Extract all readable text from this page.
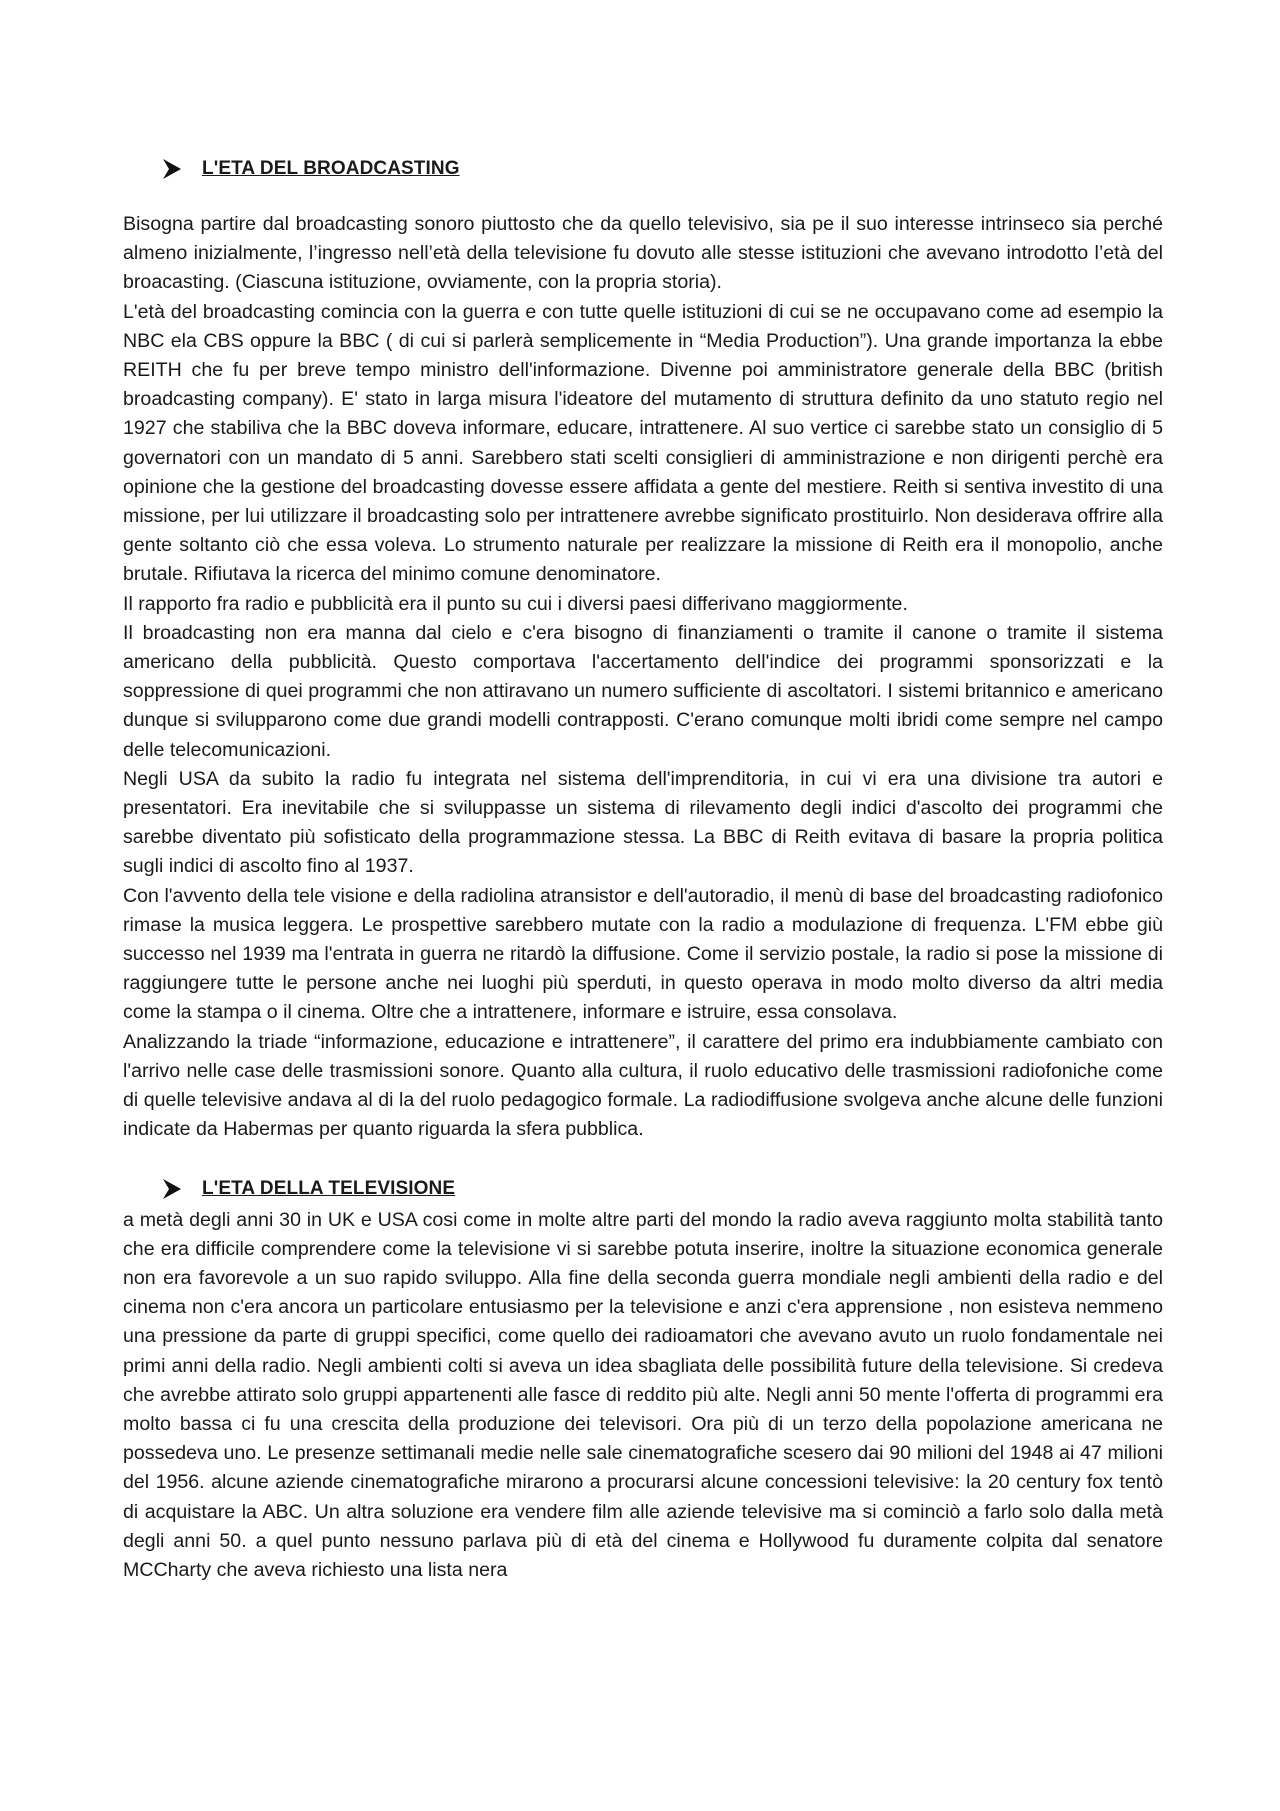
L'ETA DEL BROADCASTING

Bisogna partire dal broadcasting sonoro piuttosto che da quello televisivo, sia pe il suo interesse intrinseco sia perché almeno inizialmente, l’ingresso nell’età della televisione fu dovuto alle stesse istituzioni che avevano introdotto l’età del broacasting. (Ciascuna istituzione, ovviamente, con la propria storia).

L'età del broadcasting comincia con la guerra e con tutte quelle istituzioni di cui se ne occupavano come ad esempio la NBC ela CBS oppure la BBC ( di cui si parlerà semplicemente in “Media Production”). Una grande importanza la ebbe REITH che fu per breve tempo ministro dell'informazione. Divenne poi amministratore generale della BBC (british broadcasting company). E' stato in larga misura l'ideatore del mutamento di struttura definito da uno statuto regio nel 1927 che stabiliva che la BBC doveva informare, educare, intrattenere. Al suo vertice ci sarebbe stato un consiglio di 5 governatori con un mandato di 5 anni. Sarebbero stati scelti consiglieri di amministrazione e non dirigenti perchè era opinione che la gestione del broadcasting dovesse essere affidata a gente del mestiere. Reith si sentiva investito di una missione, per lui utilizzare il broadcasting solo per intrattenere avrebbe significato prostituirlo. Non desiderava offrire alla gente soltanto ciò che essa voleva. Lo strumento naturale per realizzare la missione di Reith era il monopolio, anche brutale. Rifiutava la ricerca del minimo comune denominatore.

Il rapporto fra radio e pubblicità era il punto su cui i diversi paesi differivano maggiormente.

Il broadcasting non era manna dal cielo e c'era bisogno di finanziamenti o tramite il canone o tramite il sistema americano della pubblicità. Questo comportava l'accertamento dell'indice dei programmi sponsorizzati e la soppressione di quei programmi che non attiravano un numero sufficiente di ascoltatori. I sistemi britannico e americano dunque si svilupparono come due grandi modelli contrapposti. C'erano comunque molti ibridi come sempre nel campo delle telecomunicazioni.

Negli USA da subito la radio fu integrata nel sistema dell'imprenditoria, in cui vi era una divisione tra autori e presentatori. Era inevitabile che si sviluppasse un sistema di rilevamento degli indici d'ascolto dei programmi che sarebbe diventato più sofisticato della programmazione stessa. La BBC di Reith evitava di basare la propria politica sugli indici di ascolto fino al 1937.

Con l'avvento della tele visione e della radiolina atransistor e dell'autoradio, il menù di base del broadcasting radiofonico rimase la musica leggera. Le prospettive sarebbero mutate con la radio a modulazione di frequenza. L'FM ebbe giù successo nel 1939 ma l'entrata in guerra ne ritardò la diffusione. Come il servizio postale, la radio si pose la missione di raggiungere tutte le persone anche nei luoghi più sperduti, in questo operava in modo molto diverso da altri media come la stampa o il cinema. Oltre che a intrattenere, informare e istruire, essa consolava.

Analizzando la triade “informazione, educazione e intrattenere”, il carattere del primo era indubbiamente cambiato con l'arrivo nelle case delle trasmissioni sonore. Quanto alla cultura, il ruolo educativo delle trasmissioni radiofoniche come di quelle televisive andava al di la del ruolo pedagogico formale. La radiodiffusione svolgeva anche alcune delle funzioni indicate da Habermas per quanto riguarda la sfera pubblica.

L'ETA DELLA TELEVISIONE

a metà degli anni 30 in UK e USA cosi come in molte altre parti del mondo la radio aveva raggiunto molta stabilità tanto che era difficile comprendere come la televisione vi si sarebbe potuta inserire, inoltre la situazione economica generale non era favorevole a un suo rapido sviluppo. Alla fine della seconda guerra mondiale negli ambienti della radio e del cinema non c'era ancora un particolare entusiasmo per la televisione e anzi c'era apprensione , non esisteva nemmeno una pressione da parte di gruppi specifici, come quello dei radioamatori che avevano avuto un ruolo fondamentale nei primi anni della radio. Negli ambienti colti si aveva un idea sbagliata delle possibilità future della televisione. Si credeva che avrebbe attirato solo gruppi appartenenti alle fasce di reddito più alte. Negli anni 50 mente l'offerta di programmi era molto bassa ci fu una crescita della produzione dei televisori. Ora più di un terzo della popolazione americana ne possedeva uno. Le presenze settimanali medie nelle sale cinematografiche scesero dai 90 milioni del 1948 ai 47 milioni del 1956. alcune aziende cinematografiche mirarono a procurarsi alcune concessioni televisive: la 20 century fox tentò di acquistare la ABC. Un altra soluzione era vendere film alle aziende televisive ma si cominciò a farlo solo dalla metà degli anni 50. a quel punto nessuno parlava più di età del cinema e Hollywood fu duramente colpita dal senatore MCCharty che aveva richiesto una lista nera
